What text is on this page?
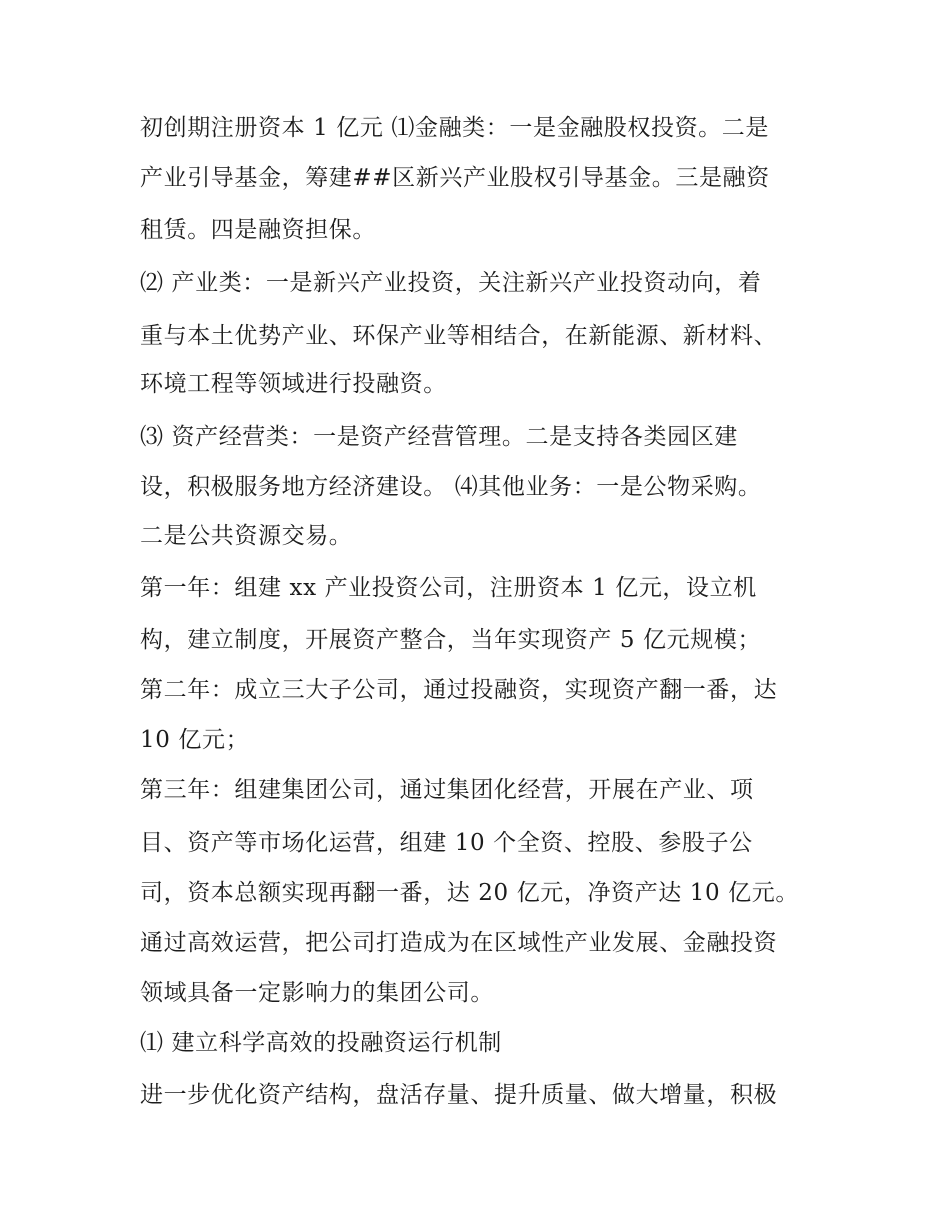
初创期注册资本 1 亿元 ⑴金融类：一是金融股权投资。二是

产业引导基金，筹建##区新兴产业股权引导基金。三是融资

租赁。四是融资担保。

⑵ 产业类：一是新兴产业投资，关注新兴产业投资动向，着

重与本土优势产业、环保产业等相结合，在新能源、新材料、

环境工程等领域进行投融资。

⑶ 资产经营类：一是资产经营管理。二是支持各类园区建

设，积极服务地方经济建设。 ⑷其他业务：一是公物采购。

二是公共资源交易。

第一年：组建 xx 产业投资公司，注册资本 1 亿元，设立机

构，建立制度，开展资产整合，当年实现资产 5 亿元规模；

第二年：成立三大子公司，通过投融资，实现资产翻一番，达

10 亿元；

第三年：组建集团公司，通过集团化经营，开展在产业、项

目、资产等市场化运营，组建 10 个全资、控股、参股子公

司，资本总额实现再翻一番，达 20 亿元，净资产达 10 亿元。

通过高效运营，把公司打造成为在区域性产业发展、金融投资

领域具备一定影响力的集团公司。

⑴ 建立科学高效的投融资运行机制

进一步优化资产结构，盘活存量、提升质量、做大增量，积极
